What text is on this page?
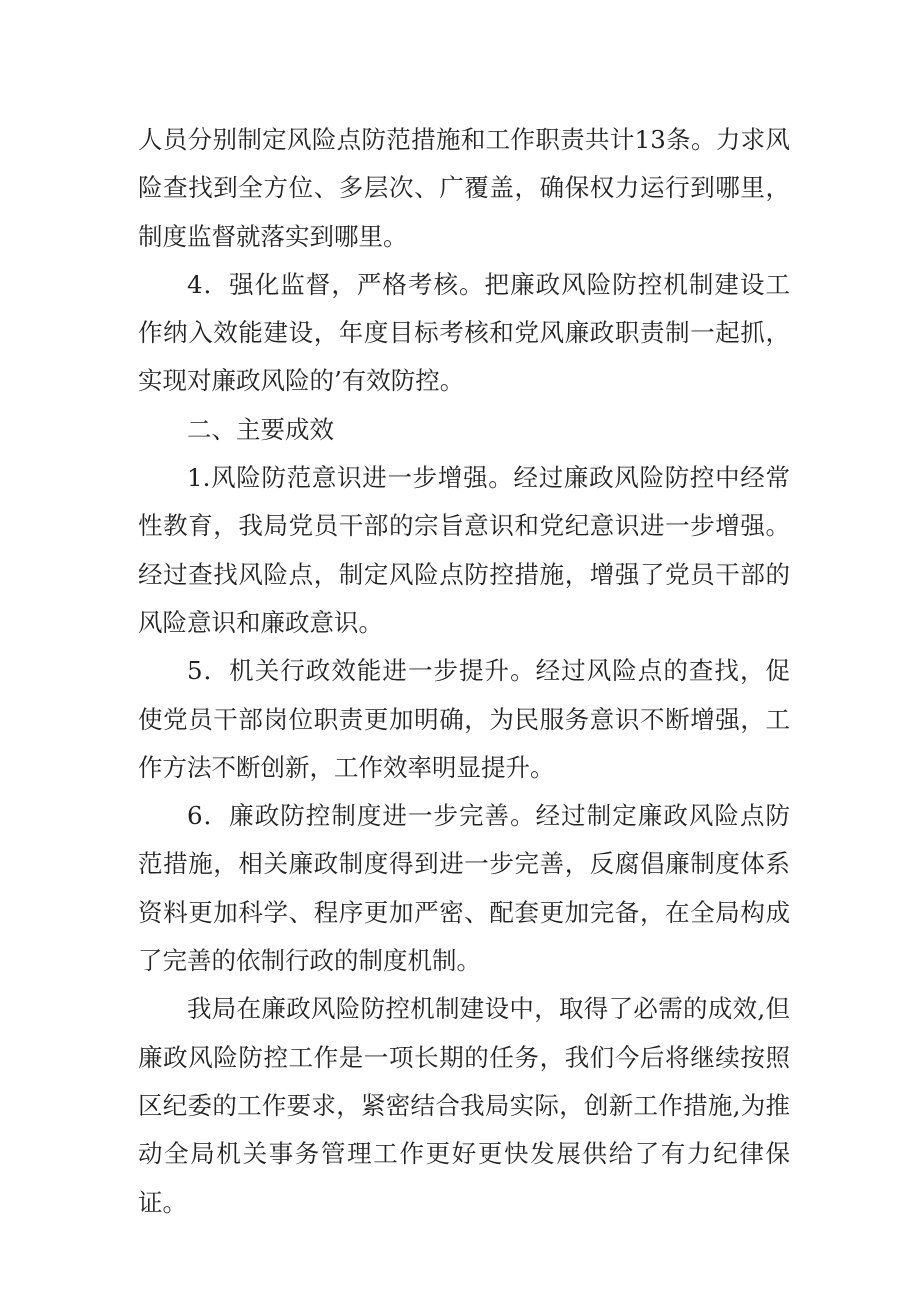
人员分别制定风险点防范措施和工作职责共计13条。力求风险查找到全方位、多层次、广覆盖，确保权力运行到哪里，制度监督就落实到哪里。

4．强化监督，严格考核。把廉政风险防控机制建设工作纳入效能建设，年度目标考核和党风廉政职责制一起抓，实现对廉政风险的’有效防控。

二、主要成效

1.风险防范意识进一步增强。经过廉政风险防控中经常性教育，我局党员干部的宗旨意识和党纪意识进一步增强。经过查找风险点，制定风险点防控措施，增强了党员干部的风险意识和廉政意识。

5．机关行政效能进一步提升。经过风险点的查找，促使党员干部岗位职责更加明确，为民服务意识不断增强，工作方法不断创新，工作效率明显提升。

6．廉政防控制度进一步完善。经过制定廉政风险点防范措施，相关廉政制度得到进一步完善，反腐倡廉制度体系资料更加科学、程序更加严密、配套更加完备，在全局构成了完善的依制行政的制度机制。

我局在廉政风险防控机制建设中，取得了必需的成效,但廉政风险防控工作是一项长期的任务，我们今后将继续按照区纪委的工作要求，紧密结合我局实际，创新工作措施,为推动全局机关事务管理工作更好更快发展供给了有力纪律保证。
